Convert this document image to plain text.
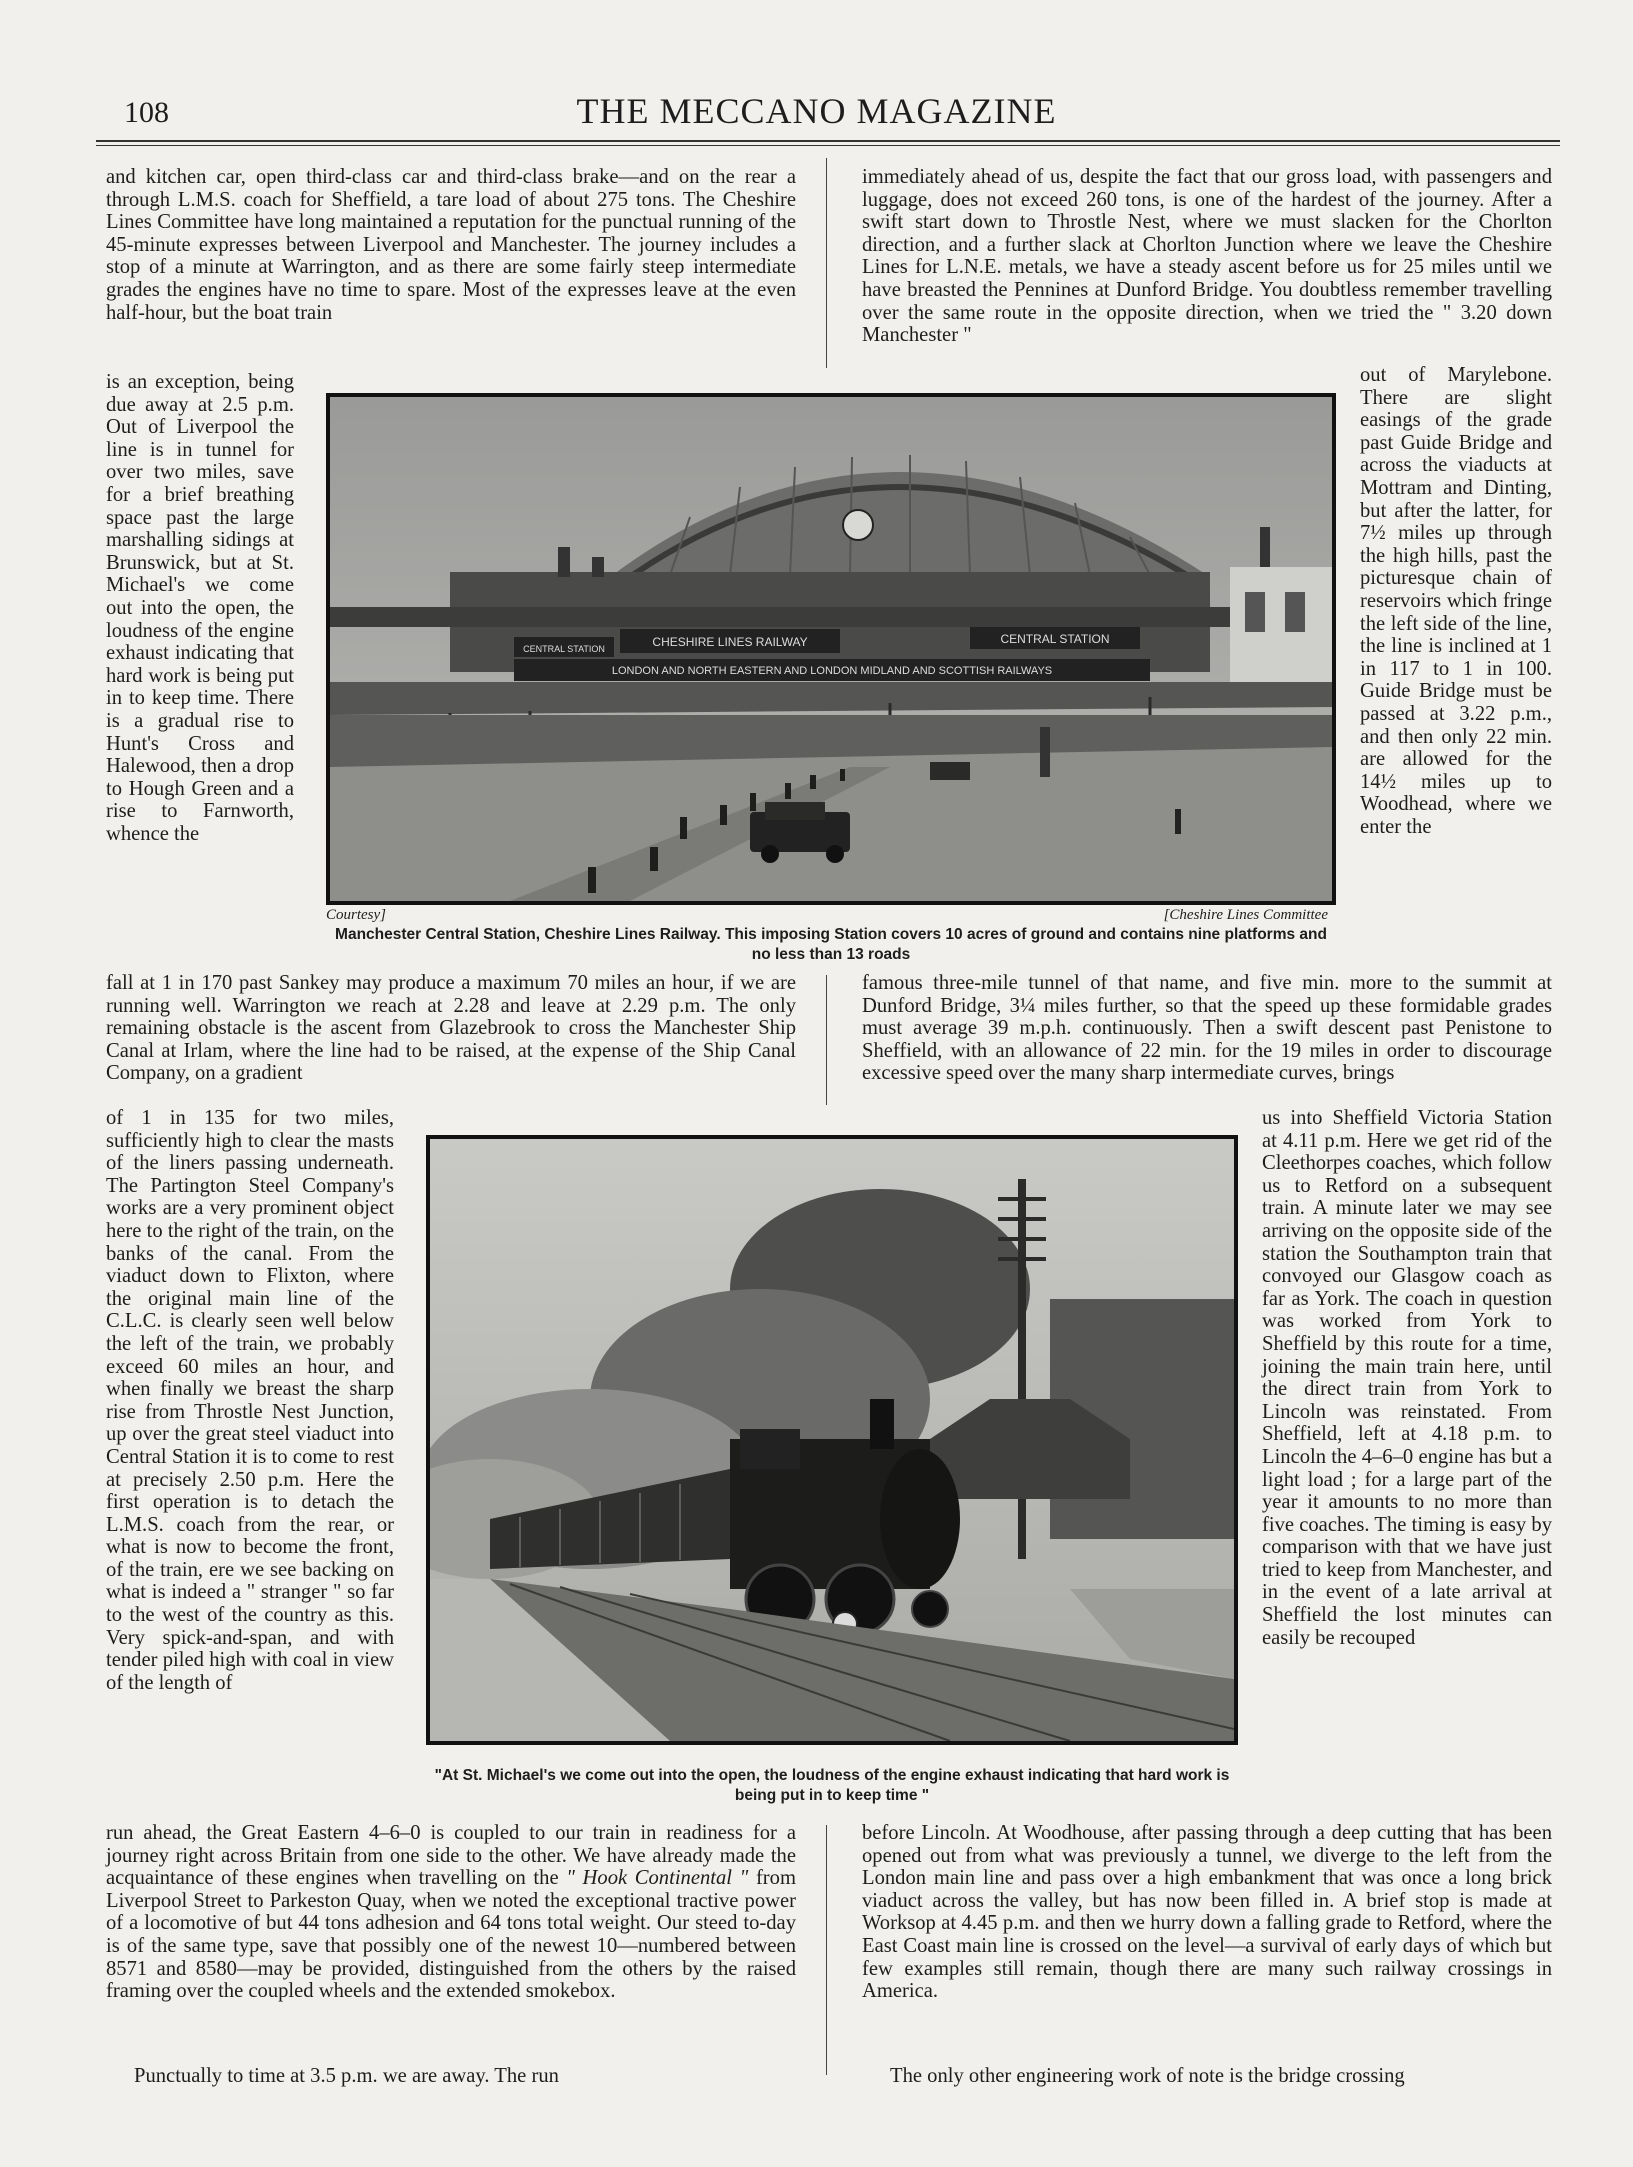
108	THE MECCANO MAGAZINE

and kitchen car, open third-class car and third-class brake—and on the rear a through L.M.S. coach for Sheffield, a tare load of about 275 tons. The Cheshire Lines Committee have long maintained a reputation for the punctual running of the 45-minute expresses between Liverpool and Manchester. The journey includes a stop of a minute at Warrington, and as there are some fairly steep intermediate grades the engines have no time to spare. Most of the expresses leave at the even half-hour, but the boat train

is an exception, being due away at 2.5 p.m. Out of Liverpool the line is in tunnel for over two miles, save for a brief breathing space past the large marshalling sidings at Brunswick, but at St. Michael's we come out into the open, the loudness of the engine exhaust indicating that hard work is being put in to keep time. There is a gradual rise to Hunt's Cross and Halewood, then a drop to Hough Green and a rise to Farnworth, whence the

fall at 1 in 170 past Sankey may produce a maximum 70 miles an hour, if we are running well. Warrington we reach at 2.28 and leave at 2.29 p.m. The only remaining obstacle is the ascent from Glazebrook to cross the Manchester Ship Canal at Irlam, where the line had to be raised, at the expense of the Ship Canal Company, on a gradient

of 1 in 135 for two miles, sufficiently high to clear the masts of the liners passing underneath. The Partington Steel Company's works are a very prominent object here to the right of the train, on the banks of the canal. From the viaduct down to Flixton, where the original main line of the C.L.C. is clearly seen well below the left of the train, we probably exceed 60 miles an hour, and when finally we breast the sharp rise from Throstle Nest Junction, up over the great steel viaduct into Central Station it is to come to rest at precisely 2.50 p.m. Here the first operation is to detach the L.M.S. coach from the rear, or what is now to become the front, of the train, ere we see backing on what is indeed a " stranger " so far to the west of the country as this. Very spick-and-span, and with tender piled high with coal in view of the length of

run ahead, the Great Eastern 4–6–0 is coupled to our train in readiness for a journey right across Britain from one side to the other. We have already made the acquaintance of these engines when travelling on the " Hook Continental " from Liverpool Street to Parkeston Quay, when we noted the exceptional tractive power of a locomotive of but 44 tons adhesion and 64 tons total weight. Our steed to-day is of the same type, save that possibly one of the newest 10—numbered between 8571 and 8580—may be provided, distinguished from the others by the raised framing over the coupled wheels and the extended smokebox.

Punctually to time at 3.5 p.m. we are away. The run

immediately ahead of us, despite the fact that our gross load, with passengers and luggage, does not exceed 260 tons, is one of the hardest of the journey. After a swift start down to Throstle Nest, where we must slacken for the Chorlton direction, and a further slack at Chorlton Junction where we leave the Cheshire Lines for L.N.E. metals, we have a steady ascent before us for 25 miles until we have breasted the Pennines at Dunford Bridge. You doubtless remember travelling over the same route in the opposite direction, when we tried the " 3.20 down Manchester "

out of Marylebone. There are slight easings of the grade past Guide Bridge and across the viaducts at Mottram and Dinting, but after the latter, for 7½ miles up through the high hills, past the picturesque chain of reservoirs which fringe the left side of the line, the line is inclined at 1 in 117 to 1 in 100. Guide Bridge must be passed at 3.22 p.m., and then only 22 min. are allowed for the 14½ miles up to Woodhead, where we enter the

famous three-mile tunnel of that name, and five min. more to the summit at Dunford Bridge, 3¼ miles further, so that the speed up these formidable grades must average 39 m.p.h. continuously. Then a swift descent past Penistone to Sheffield, with an allowance of 22 min. for the 19 miles in order to discourage excessive speed over the many sharp intermediate curves, brings

us into Sheffield Victoria Station at 4.11 p.m. Here we get rid of the Cleethorpes coaches, which follow us to Retford on a subsequent train. A minute later we may see arriving on the opposite side of the station the Southampton train that convoyed our Glasgow coach as far as York. The coach in question was worked from York to Sheffield by this route for a time, joining the main train here, until the direct train from York to Lincoln was reinstated. From Sheffield, left at 4.18 p.m. to Lincoln the 4–6–0 engine has but a light load ; for a large part of the year it amounts to no more than five coaches. The timing is easy by comparison with that we have just tried to keep from Manchester, and in the event of a late arrival at Sheffield the lost minutes can easily be recouped

before Lincoln. At Woodhouse, after passing through a deep cutting that has been opened out from what was previously a tunnel, we diverge to the left from the London main line and pass over a high embankment that was once a long brick viaduct across the valley, but has now been filled in. A brief stop is made at Worksop at 4.45 p.m. and then we hurry down a falling grade to Retford, where the East Coast main line is crossed on the level—a survival of early days of which but few examples still remain, though there are many such railway crossings in America.

The only other engineering work of note is the bridge crossing

CENTRAL STATION	CHESHIRE LINES RAILWAY	CENTRAL STATION
LONDON AND NORTH EASTERN AND LONDON MIDLAND AND SCOTTISH RAILWAYS
Courtesy]	[Cheshire Lines Committee
Manchester Central Station, Cheshire Lines Railway. This imposing Station covers 10 acres of ground and contains nine platforms and no less than 13 roads
"At St. Michael's we come out into the open, the loudness of the engine exhaust indicating that hard work is being put in to keep time "
